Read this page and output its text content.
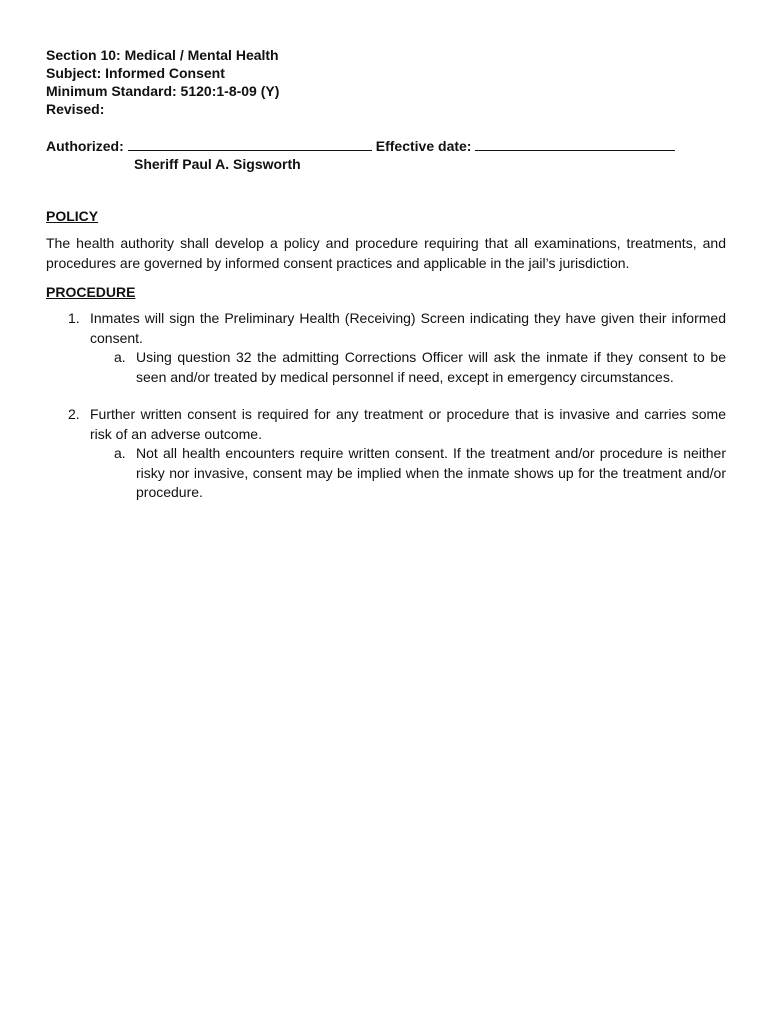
Section 10: Medical / Mental Health
Subject: Informed Consent
Minimum Standard: 5120:1-8-09 (Y)
Revised:
Authorized:	Effective date:
Sheriff Paul A. Sigsworth
POLICY
The health authority shall develop a policy and procedure requiring that all examinations, treatments, and procedures are governed by informed consent practices and applicable in the jail’s jurisdiction.
PROCEDURE
1. Inmates will sign the Preliminary Health (Receiving) Screen indicating they have given their informed consent.
a. Using question 32 the admitting Corrections Officer will ask the inmate if they consent to be seen and/or treated by medical personnel if need, except in emergency circumstances.
2. Further written consent is required for any treatment or procedure that is invasive and carries some risk of an adverse outcome.
a. Not all health encounters require written consent. If the treatment and/or procedure is neither risky nor invasive, consent may be implied when the inmate shows up for the treatment and/or procedure.
